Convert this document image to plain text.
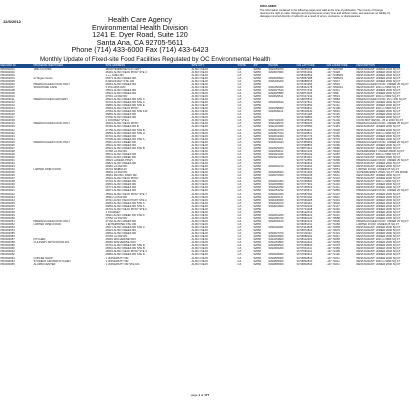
12/3/2012	Health Care Agency
Environmental Health Division
1241 E. Dyer Road, Suite 120
Santa Ana, CA 92705-5611
Phone (714) 433-6000 Fax (714) 433-6423
DISCLAIMER:
The information contained in the following pages was valid at the time of publication. The County of Orange reserves the right to make changes and improvements at any time and without notice, and assumes no liability for damages incurred directly or indirectly as a result of errors, omissions, or discrepancies.
Monthly Update of Fixed-site Food Facilities Regulated by OC Environmental Health
RECORD ID	PROGRAM IDENTIFIER	SITE ADDRESS	SITE CITY	STATE	ZIP	PHONE	GIS LATITUDE	GIS LONGITUDE	DESCRIPTION
PR0000001	1BIG FLOORS	4B ENTERPRISE FLR 1 ENT	ALISO VIEJO	CA	92656	9494253700	33.56055168	-117.7107018	RESTAURANT: UNDER 2000 SQ.FT
PR0000002		26401 ALISO VIEJO PKWY STE C	ALISO VIEJO	CA	92656	9493607900	33.57651032	-117.71948	RESTAURANT: UNDER 2000 SQ.FT
PR0000003		1 ++ YAMA RD	ALISO VIEJO	CA	92656		33.58402862	-117.7248963	RESTAURANT: UNDER 2000 SQ.FT
PR0000004	at Target Center	26371 ALISO CREEK RD	ALISO VIEJO	CA	92656	9493605600	33.55857988	-117.7098543	RESTAURANT: UNDER 2000 SQ.FT
PR0000005		8 ARGONAUT STE 100	ALISO VIEJO	CA	92656	9496430200	33.58088015	-117.72647	RESTAURANT: UNDER 2000 SQ.FT
PR0000006	PREPACKAGED FOOD ONLY	26661 ALISO CREEK RD	ALISO VIEJO	CA	92656		33.57431054	-117.72504	PREPACKAGED FOOD: UNDER 25 SQ.FT
PR0000007	SIGNATURE CAFE	3 POLARIS WAY	ALISO VIEJO	CA	92656	9494456300	33.58442178	-117.7264014	RESTAURANT: 2001 to 5999 SQ.FT
PR0000008		26531 ALISO CREEK RD	ALISO VIEJO	CA	92656	9493627540	33.57577444	-117.72311	RESTAURANT: UNDER 2000 SQ.FT
PR0000009		26921 ALISO CREEK RD	ALISO VIEJO	CA	92656	9493625880	33.56874406	-117.7098	RESTAURANT: UNDER 2000 SQ.FT
PR0000010		27061 LA PAZ RD	ALISO VIEJO	CA	92656	9493629511	33.57047132	-117.70531	RESTAURANT: 2001 to 5999 SQ.FT
PR0000011	PREPACKAGED GROCERY	26921 ALISO CREEK RD STE C	ALISO VIEJO	CA	92656		33.56875510	-117.70982	PREPACKAGED FOOD: 25 to 300 SQ.FT
PR0000012		26741 ALISO CREEK RD STE C	ALISO VIEJO	CA	92656	9493605640	33.57227811	-117.71532	RESTAURANT: UNDER 2000 SQ.FT
PR0000013		26881 ALISO CREEK RD STE E	ALISO VIEJO	CA	92656		33.57034552	-117.71141	RESTAURANT: UNDER 2000 SQ.FT
PR0000014		26901 ALISO VIEJO PKWY	ALISO VIEJO	CA	92656	9494258900	33.57560811	-117.72108	RESTAURANT: 2001 to 5999 SQ.FT
PR0000015		27081 ALISO CREEK RD STE 140	ALISO VIEJO	CA	92656	9493609110	33.56618440	-117.70601	RESTAURANT: UNDER 2000 SQ.FT
PR0000016		26881 ALISO CREEK RD	ALISO VIEJO	CA	92656		33.57031108	-117.71139	RESTAURANT: UNDER 2000 SQ.FT
PR0000017		27000 ALISO CREEK RD	ALISO VIEJO	CA	92656		33.56728802	-117.70752	RESTAURANT: UNDER 2000 SQ.FT
PR0000018		1 JOURNEY STE A	ALISO VIEJO	CA	92656	9497140180	33.56125510	-117.71202	FOOD MKT RETAIL: 25 to 2000 SQ.FT
PR0000019	PREPACKAGED FOOD ONLY	26901 ALISO VIEJO PKWY	ALISO VIEJO	CA	92656	9496438070	33.57558420	-117.72109	PREPACKAGED FOOD: UNDER 25 SQ.FT
PR0000020		26781 ALISO CREEK RD B	ALISO VIEJO	CA	92656	9492431000	33.57135550	-117.71381	RESTAURANT: UNDER 2000 SQ.FT
PR0000021		27156 ALISO CREEK RD STE B	ALISO VIEJO	CA	92656	9493601700	33.56453001	-117.70418	RESTAURANT: UNDER 2000 SQ.FT
PR0000022		26881 ALISO CREEK RD STE H	ALISO VIEJO	CA	92656	9493627444	33.57029811	-117.71135	RESTAURANT: 2001 to 5999 SQ.FT
PR0000023		26701 ALISO CREEK RD	ALISO VIEJO	CA	92656	9493604400	33.57301774	-117.71682	RESTAURANT: UNDER 2000 SQ.FT
PR0000024		27035 ALISO CREEK RD STE A	ALISO VIEJO	CA	92656	9496431112	33.56702305	-117.70715	RESTAURANT: UNDER 2000 SQ.FT
PR0000025	PREPACKAGED FOOD ONLY	26611 ALISO CREEK RD	ALISO VIEJO	CA	92656	9493632020	33.57485902	-117.72402	PREPACKAGED FOOD: UNDER 25 SQ.FT
PR0000026		26541 ALISO CREEK RD	ALISO VIEJO	CA	92656		33.57568851	-117.72290	RESTAURANT: UNDER 2000 SQ.FT
PR0000027		26921 ALISO CREEK RD STE B	ALISO VIEJO	CA	92656	9493629000	33.56873301	-117.70980	RESTAURANT: UNDER 2000 SQ.FT
PR0000028		27250 LA PAZ RD	ALISO VIEJO	CA	92656	9494259101	33.56601244	-117.70222	SUPERMARKET: UNDER 25000 SQ.FT
PR0000029		26541 ALISO CREEK RD	ALISO VIEJO	CA	92656	9493624330	33.57566102	-117.72287	RESTAURANT: 2001 to 5999 SQ.FT
PR0000030		26611 ALISO CREEK RD	ALISO VIEJO	CA	92656	9493621200	33.57484110	-117.72400	RESTAURANT: UNDER 2000 SQ.FT
PR0000031		26521 LADERA PKWY	ALISO VIEJO	CA	92656		33.57712554	-117.71899	PREPACKAGED FOOD: UNDER 25 SQ.FT
PR0000032		26821 ALISO CREEK RD	ALISO VIEJO	CA	92656		33.57092813	-117.71283	RESTAURANT: UNDER 2000 SQ.FT
PR0000033		26981 LA PAZ RD	ALISO VIEJO	CA	92656	9493620210	33.57194401	-117.70803	RESTAURANT: UNDER 2000 SQ.FT
PR0000034	LIMITED OPEN FOOD	26701 SIMBOLIN	ALISO VIEJO	CA	92656		33.56988201	-117.72651	LIMITED FOOD: UNDER 25 SQ.FT
PR0000035		26901 LA PAZ RD	ALISO VIEJO	CA	92656	9493628000	33.57331900	-117.70950	SUPERMARKET: 25001 SQ.FT OR MORE
PR0000036		26961 PACIFIC PARK DR	ALISO VIEJO	CA	92656	9496076300	33.57820045	-117.73011	RESTAURANT: UNDER 2000 SQ.FT
PR0000037		26901 ALISO VIEJO PKWY	ALISO VIEJO	CA	92656		33.57559901	-117.72110	RESTAURANT: UNDER 2000 SQ.FT
PR0000038		26701 ALISO CREEK RD	ALISO VIEJO	CA	92656	9493601300	33.57299801	-117.71680	RESTAURANT: 2001 to 5999 SQ.FT
PR0000039		26831 ALISO CREEK RD	ALISO VIEJO	CA	92656	9493606800	33.57077301	-117.71240	RESTAURANT: UNDER 2000 SQ.FT
PR0000040		26771 ALISO CREEK RD	ALISO VIEJO	CA	92656	9493620090	33.57155002	-117.71411	RESTAURANT: UNDER 2000 SQ.FT
PR0000041		26671 ALISO CREEK RD	ALISO VIEJO	CA	92656	9494253232	33.57345511	-117.71850	PREPACKAGED FOOD: UNDER 25 SQ.FT
PR0000042		26901 ALISO VIEJO PKWY STE 7	ALISO VIEJO	CA	92656	9493601000	33.57557002	-117.72107	RESTAURANT: UNDER 2000 SQ.FT
PR0000043		26911 LA PAZ RD	ALISO VIEJO	CA	92656	9493626111	33.57301102	-117.70911	RESTAURANT: UNDER 2000 SQ.FT
PR0000044		26711 ALISO VIEJO PKWY STE A	ALISO VIEJO	CA	92656	9496430900	33.57699205	-117.72401	RESTAURANT: UNDER 2000 SQ.FT
PR0000045		26661 ALISO CREEK RD STE C	ALISO VIEJO	CA	92656	9493629310	33.57430110	-117.72502	RESTAURANT: UNDER 2000 SQ.FT
PR0000046		26881 ALISO CREEK RD STE A	ALISO VIEJO	CA	92656	9493601800	33.57032219	-117.71137	RESTAURANT: UNDER 2000 SQ.FT
PR0000047		26701 ALISO VIEJO PKWY STE A	ALISO VIEJO	CA	92656		33.57724108	-117.72420	RESTAURANT: UNDER 2000 SQ.FT
PR0000048		1 JOURNEY	ALISO VIEJO	CA	92656		33.56122010	-117.71200	RESTAURANT: UNDER 2000 SQ.FT
PR0000049		26911 ALISO CREEK RD STE D	ALISO VIEJO	CA	92656	9493601200	33.56890401	-117.71011	RESTAURANT: UNDER 2000 SQ.FT
PR0000050		27052 LA PAZ RD	ALISO VIEJO	CA	92656	9494250700	33.56990120	-117.70588	RESTAURANT: UNDER 2000 SQ.FT
PR0000051	PREPACKAGED FOOD ONLY	27102 ALISO CREEK RD	ALISO VIEJO	CA	92656	9493602100	33.56540212	-117.70505	PREPACKAGED FOOD: UNDER 25 SQ.FT
PR0000052	LIMITED OPEN FOOD	1 ENTERPRISE STE 100	ALISO VIEJO	CA	92656		33.56051011	-117.71068	LIMITED FOOD: UNDER 25 SQ.FT
PR0000053		26671 ALISO CREEK RD STE C	ALISO VIEJO	CA	92656	9496432001	33.57344508	-117.71848	RESTAURANT: UNDER 2000 SQ.FT
PR0000054		26921 ALISO CREEK RD	ALISO VIEJO	CA	92656		33.56872810	-117.70979	RESTAURANT: UNDER 2000 SQ.FT
PR0000055		26801 ALISO CREEK RD	ALISO VIEJO	CA	92656	9493627700	33.57111910	-117.71331	RESTAURANT: UNDER 2000 SQ.FT
PR0000056		27091 LA PAZ RD	ALISO VIEJO	CA	92656	9493604900	33.56888102	-117.70411	RESTAURANT: UNDER 2000 SQ.FT
PR0000057	KITCHEN	26681 WOLVERINE WAY	ALISO VIEJO	CA	92656	9494253800	33.58102201	-117.72050	RESTAURANT: 2001 to 5999 SQ.FT
PR0000058	CULINARY ARTS ROOM 401	26681 WOLVERINE WAY	ALISO VIEJO	CA	92656	9494253800	33.58102201	-117.72050	RESTAURANT: UNDER 2000 SQ.FT
PR0000059		26701 ALISO CREEK RD STE D	ALISO VIEJO	CA	92656	9493605520	33.57298810	-117.71678	RESTAURANT: UNDER 2000 SQ.FT
PR0000060		26501 ALISO CREEK RD STE B	ALISO VIEJO	CA	92656	9493600200	33.57601411	-117.72350	RESTAURANT: UNDER 2000 SQ.FT
PR0000061		26901 ALISO VIEJO PKWY STE 3	ALISO VIEJO	CA	92656		33.57556101	-117.72106	RESTAURANT: UNDER 2000 SQ.FT
PR0000062		26881 ALISO CREEK RD STE D	ALISO VIEJO	CA	92656	9493628000	33.57030911	-117.71136	RESTAURANT: UNDER 2000 SQ.FT
PR0000063	COFFEE SHOP	1 UNIVERSITY DR	ALISO VIEJO	CA	92656	9494805000	33.56802810	-117.73211	RESTAURANT: UNDER 2000 SQ.FT
PR0000064	STUDENT CENTER KITCHEN	1 UNIVERSITY DR	ALISO VIEJO	CA	92656	9494805000	33.56802810	-117.73211	RESTAURANT: 2001 to 5999 SQ.FT
PR0000065	ALUMNI CENTER	1 UNIVERSITY DR STE 101	ALISO VIEJO	CA	92656	9494805000	33.56802810	-117.73211	RESTAURANT: UNDER 2000 SQ.FT
page 1 of 177
